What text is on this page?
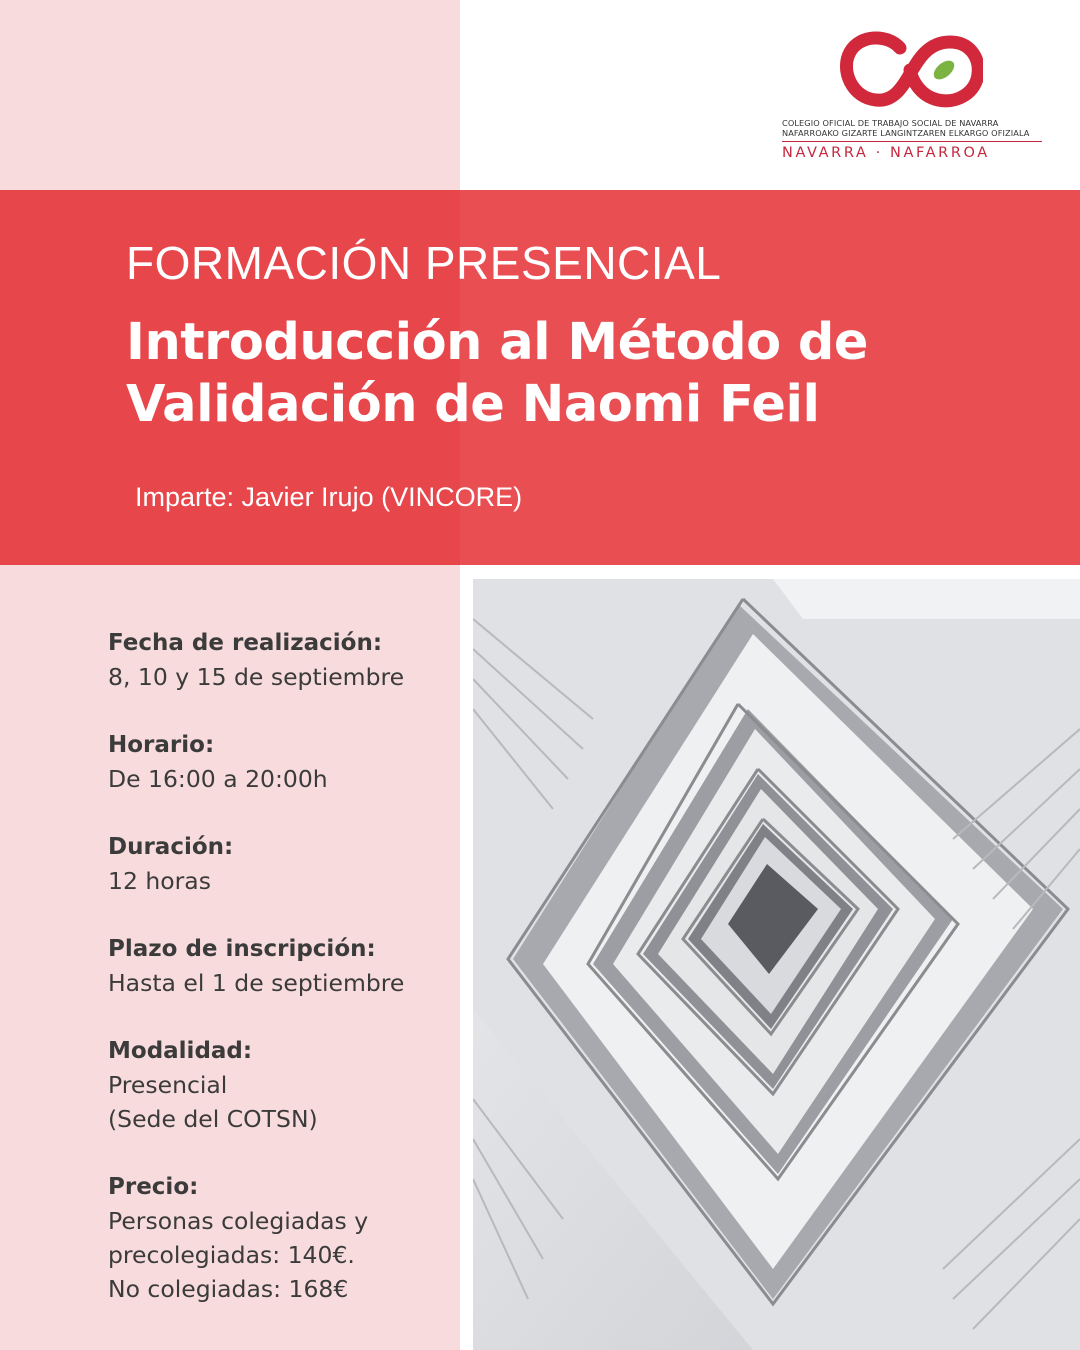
COLEGIO OFICIAL DE TRABAJO SOCIAL DE NAVARRA
NAFARROAKO GIZARTE LANGINTZAREN ELKARGO OFIZIALA
NAVARRA · NAFARROA
FORMACIÓN PRESENCIAL
Introducción al Método de
Validación de Naomi Feil
Imparte: Javier Irujo (VINCORE)
Fecha de realización:
8, 10 y 15 de septiembre
Horario:
De 16:00 a 20:00h
Duración:
12 horas
Plazo de inscripción:
Hasta el 1 de septiembre
Modalidad:
Presencial
(Sede del COTSN)
Precio:
Personas colegiadas y
precolegiadas: 140€.
No colegiadas: 168€
